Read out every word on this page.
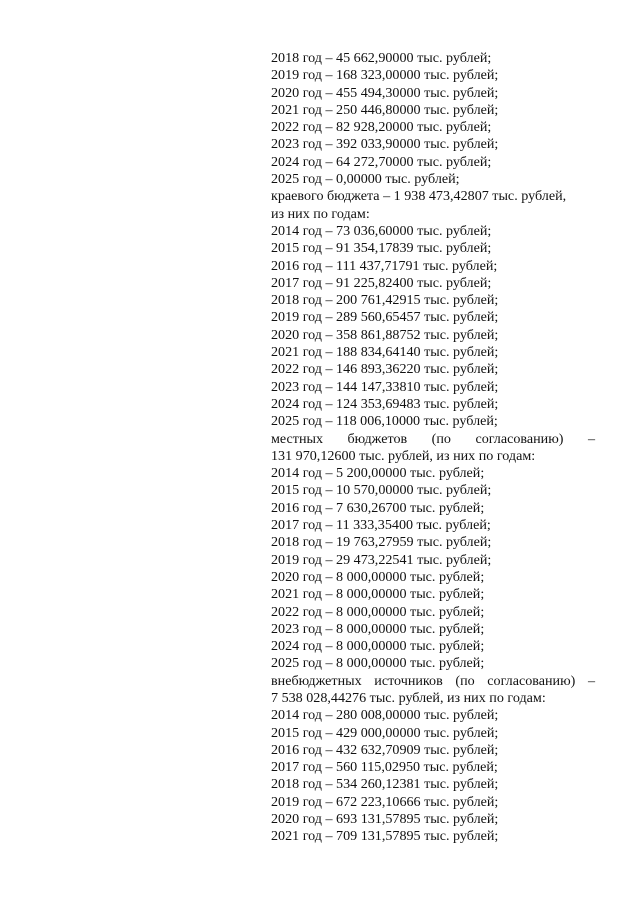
2018 год – 45 662,90000 тыс. рублей;
2019 год – 168 323,00000 тыс. рублей;
2020 год – 455 494,30000 тыс. рублей;
2021 год – 250 446,80000 тыс. рублей;
2022 год – 82 928,20000 тыс. рублей;
2023 год – 392 033,90000 тыс. рублей;
2024 год – 64 272,70000 тыс. рублей;
2025 год – 0,00000 тыс. рублей;
краевого бюджета – 1 938 473,42807 тыс. рублей,
из них по годам:
2014 год – 73 036,60000 тыс. рублей;
2015 год – 91 354,17839 тыс. рублей;
2016 год – 111 437,71791 тыс. рублей;
2017 год – 91 225,82400 тыс. рублей;
2018 год – 200 761,42915 тыс. рублей;
2019 год – 289 560,65457 тыс. рублей;
2020 год – 358 861,88752 тыс. рублей;
2021 год – 188 834,64140 тыс. рублей;
2022 год – 146 893,36220 тыс. рублей;
2023 год – 144 147,33810 тыс. рублей;
2024 год – 124 353,69483 тыс. рублей;
2025 год – 118 006,10000 тыс. рублей;
местных бюджетов (по согласованию) –
131 970,12600 тыс. рублей, из них по годам:
2014 год – 5 200,00000 тыс. рублей;
2015 год – 10 570,00000 тыс. рублей;
2016 год – 7 630,26700 тыс. рублей;
2017 год – 11 333,35400 тыс. рублей;
2018 год – 19 763,27959 тыс. рублей;
2019 год – 29 473,22541 тыс. рублей;
2020 год – 8 000,00000 тыс. рублей;
2021 год – 8 000,00000 тыс. рублей;
2022 год – 8 000,00000 тыс. рублей;
2023 год – 8 000,00000 тыс. рублей;
2024 год – 8 000,00000 тыс. рублей;
2025 год – 8 000,00000 тыс. рублей;
внебюджетных источников (по согласованию) –
7 538 028,44276 тыс. рублей, из них по годам:
2014 год – 280 008,00000 тыс. рублей;
2015 год – 429 000,00000 тыс. рублей;
2016 год – 432 632,70909 тыс. рублей;
2017 год – 560 115,02950 тыс. рублей;
2018 год – 534 260,12381 тыс. рублей;
2019 год – 672 223,10666 тыс. рублей;
2020 год – 693 131,57895 тыс. рублей;
2021 год – 709 131,57895 тыс. рублей;
